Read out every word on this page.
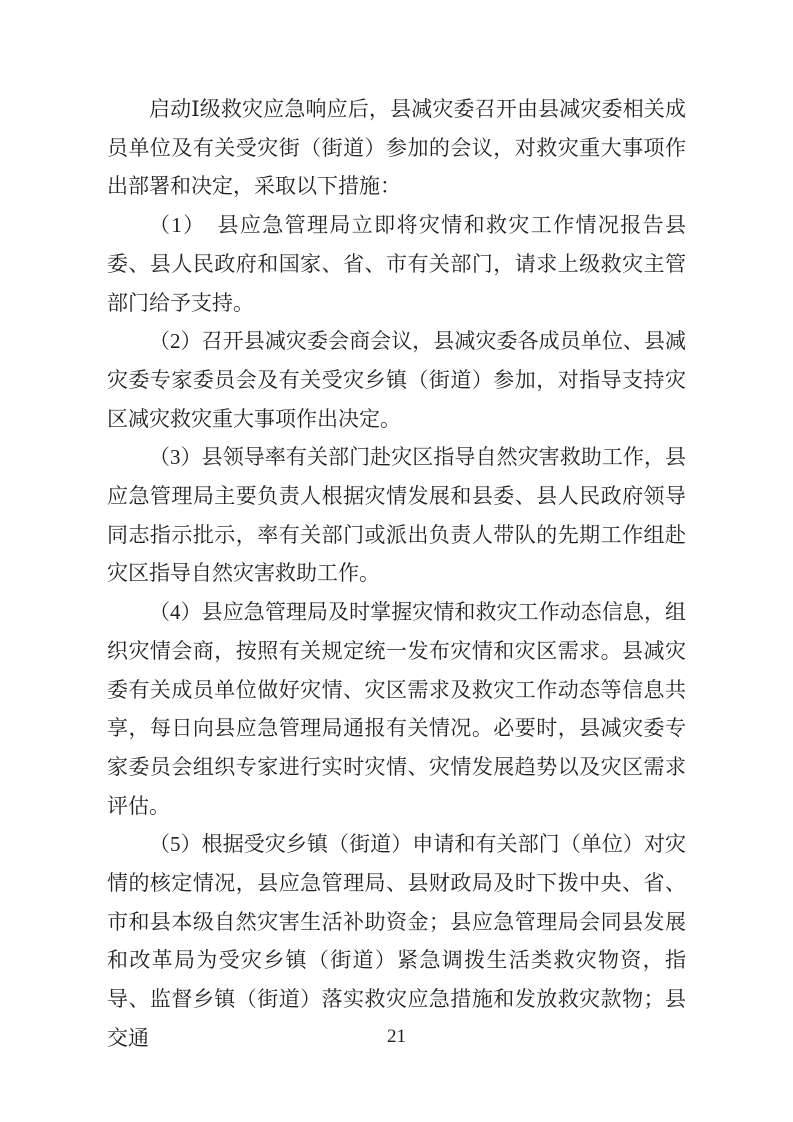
启动Ⅰ级救灾应急响应后，县减灾委召开由县减灾委相关成员单位及有关受灾街（街道）参加的会议，对救灾重大事项作出部署和决定，采取以下措施：

（1）　县应急管理局立即将灾情和救灾工作情况报告县委、县人民政府和国家、省、市有关部门，请求上级救灾主管部门给予支持。

（2）召开县减灾委会商会议，县减灾委各成员单位、县减灾委专家委员会及有关受灾乡镇（街道）参加，对指导支持灾区减灾救灾重大事项作出决定。

（3）县领导率有关部门赴灾区指导自然灾害救助工作，县应急管理局主要负责人根据灾情发展和县委、县人民政府领导同志指示批示，率有关部门或派出负责人带队的先期工作组赴灾区指导自然灾害救助工作。

（4）县应急管理局及时掌握灾情和救灾工作动态信息，组织灾情会商，按照有关规定统一发布灾情和灾区需求。县减灾委有关成员单位做好灾情、灾区需求及救灾工作动态等信息共享，每日向县应急管理局通报有关情况。必要时，县减灾委专家委员会组织专家进行实时灾情、灾情发展趋势以及灾区需求评估。

（5）根据受灾乡镇（街道）申请和有关部门（单位）对灾情的核定情况，县应急管理局、县财政局及时下拨中央、省、市和县本级自然灾害生活补助资金；县应急管理局会同县发展和改革局为受灾乡镇（街道）紧急调拨生活类救灾物资，指导、监督乡镇（街道）落实救灾应急措施和发放救灾款物；县交通	21
